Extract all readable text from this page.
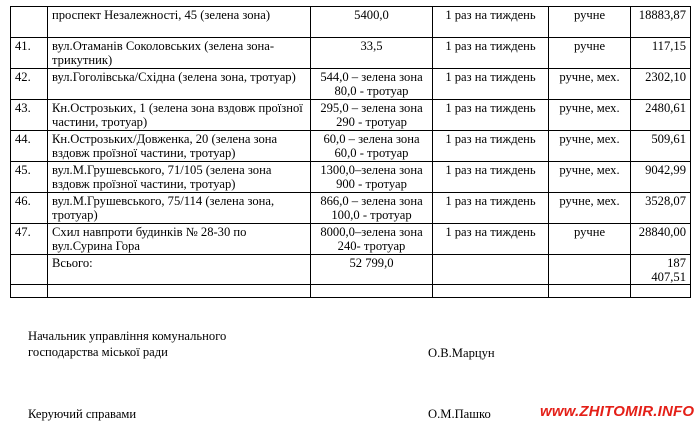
	проспект Незалежності, 45 (зелена зона)	5400,0	1 раз на тиждень	ручне	18883,87
41.	вул.Отаманів Соколовських (зелена зона-трикутник)	33,5	1 раз на тиждень	ручне	117,15
42.	вул.Гоголівська/Східна (зелена зона, тротуар)	544,0 – зелена зона 80,0 - тротуар	1 раз на тиждень	ручне, мех.	2302,10
43.	Кн.Острозьких, 1 (зелена зона вздовж проїзної частини, тротуар)	295,0 – зелена зона 290 - тротуар	1 раз на тиждень	ручне, мех.	2480,61
44.	Кн.Острозьких/Довженка, 20 (зелена зона вздовж проїзної частини, тротуар)	60,0 – зелена зона 60,0 - тротуар	1 раз на тиждень	ручне, мех.	509,61
45.	вул.М.Грушевського, 71/105 (зелена зона вздовж проїзної частини, тротуар)	1300,0–зелена зона 900 - тротуар	1 раз на тиждень	ручне, мех.	9042,99
46.	вул.М.Грушевського, 75/114 (зелена зона, тротуар)	866,0 – зелена зона 100,0 - тротуар	1 раз на тиждень	ручне, мех.	3528,07
47.	Схил навпроти будинків № 28-30 по вул.Сурина Гора	8000,0–зелена зона 240- тротуар	1 раз на тиждень	ручне	28840,00
	Всього:	52 799,0			187 407,51

Начальник управління комунального
господарства міської ради	О.В.Марцун
Керуючий справами	О.М.Пашко	www.ZHITOMIR.INFO
